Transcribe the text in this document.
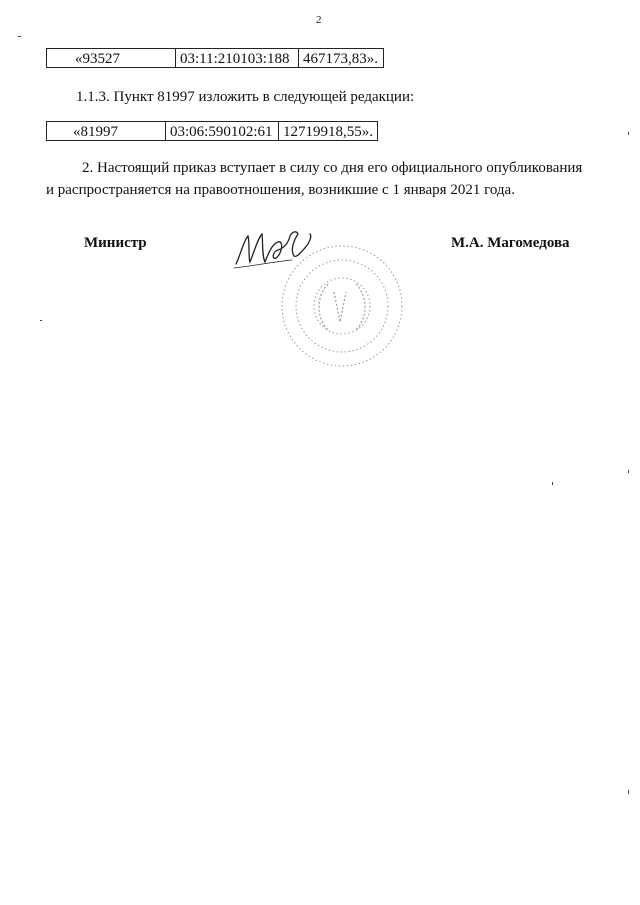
2
«93527	03:11:210103:188	467173,83».
1.1.3. Пункт 81997 изложить в следующей редакции:
«81997	03:06:590102:61	12719918,55».
2. Настоящий приказ вступает в силу со дня его официального опубликования
и распространяется на правоотношения, возникшие с 1 января 2021 года.
Министр	М.А. Магомедова
